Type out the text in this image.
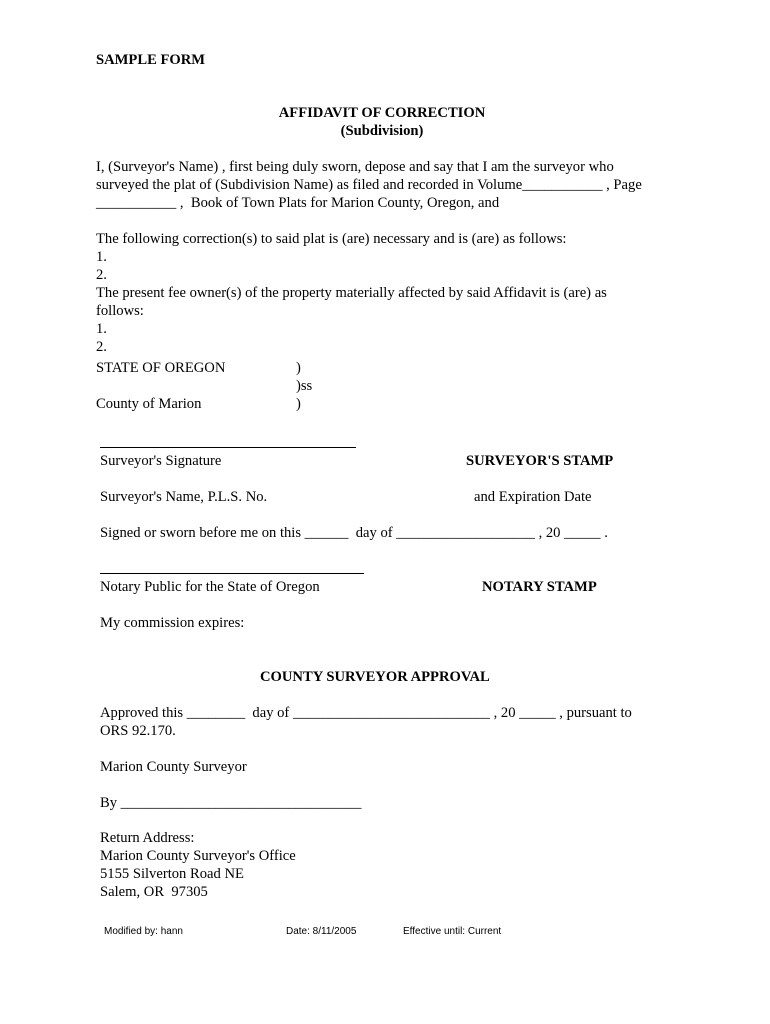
SAMPLE FORM
AFFIDAVIT OF CORRECTION
(Subdivision)
I, (Surveyor's Name) , first being duly sworn, depose and say that I am the surveyor who
surveyed the plat of (Subdivision Name) as filed and recorded in Volume___________ , Page
___________ ,  Book of Town Plats for Marion County, Oregon, and
The following correction(s) to said plat is (are) necessary and is (are) as follows:
1.
2.
The present fee owner(s) of the property materially affected by said Affidavit is (are) as
follows:
1.
2.
STATE OF OREGON	)
)ss
County of Marion	)
Surveyor's Signature	SURVEYOR'S STAMP
Surveyor's Name, P.L.S. No.	and Expiration Date
Signed or sworn before me on this ______  day of ___________________ , 20 _____ .
Notary Public for the State of Oregon	NOTARY STAMP
My commission expires:
COUNTY SURVEYOR APPROVAL
Approved this ________  day of ___________________________ , 20 _____ , pursuant to
ORS 92.170.
Marion County Surveyor
By _________________________________
Return Address:
Marion County Surveyor's Office
5155 Silverton Road NE
Salem, OR  97305
Modified by: hann	Date: 8/11/2005	Effective until: Current
